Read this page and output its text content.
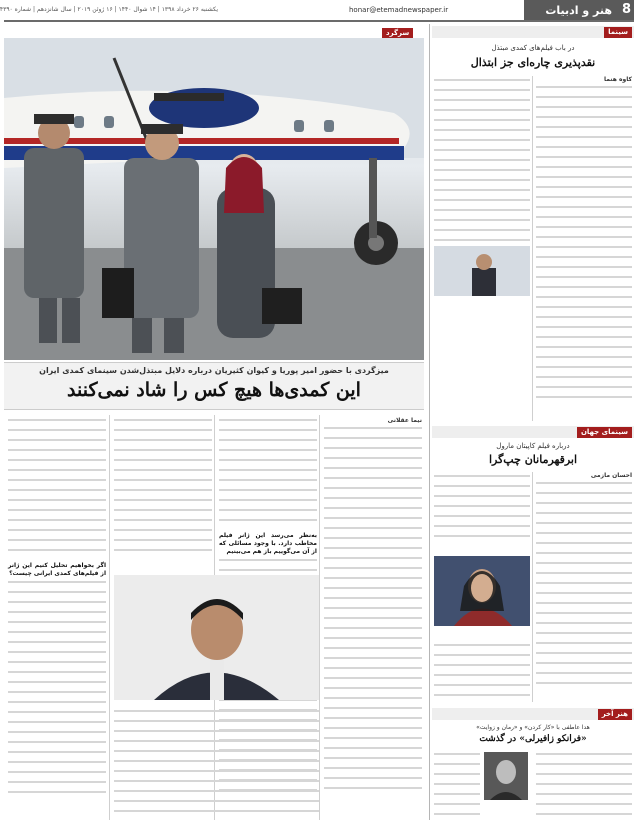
8
هنر و ادبیات
honar@etemadnewspaper.ir
یکشنبه ۲۶ خرداد ۱۳۹۸ | ۱۴ شوال ۱۴۴۰ | ۱۶ ژوئن ۲۰۱۹ | سال شانزدهم | شماره ۴۳۹۰
سرگرد
میزگردی با حضور امیر پوریا و کیوان کثیریان درباره دلایل مبتذل‌شدن سینمای کمدی ایران
این کمدی‌ها هیچ کس را شاد نمی‌کنند
نیما عقلانی
به‌نظر می‌رسد این ژانر فیلم مخاطب دارد. با وجود مسائلی که از آن می‌گوییم باز هم می‌بینیم
اگر بخواهیم تحلیل کنیم این ژانر از فیلم‌های کمدی ایرانی چیست؟
سینما
در باب فیلم‌های کمدی مبتذل
نقدپذیری چاره‌ای جز ابتذال
کاوه هنما
سینمای جهان
درباره فیلم کاپیتان مارول
ابرقهرمانان چپ‌گرا
احسان مازمی
هنر آخر
هدا عاطفی با «کار کردن» و «رمان و زوایت»
«فرانکو زافیرلی» در گذشت
